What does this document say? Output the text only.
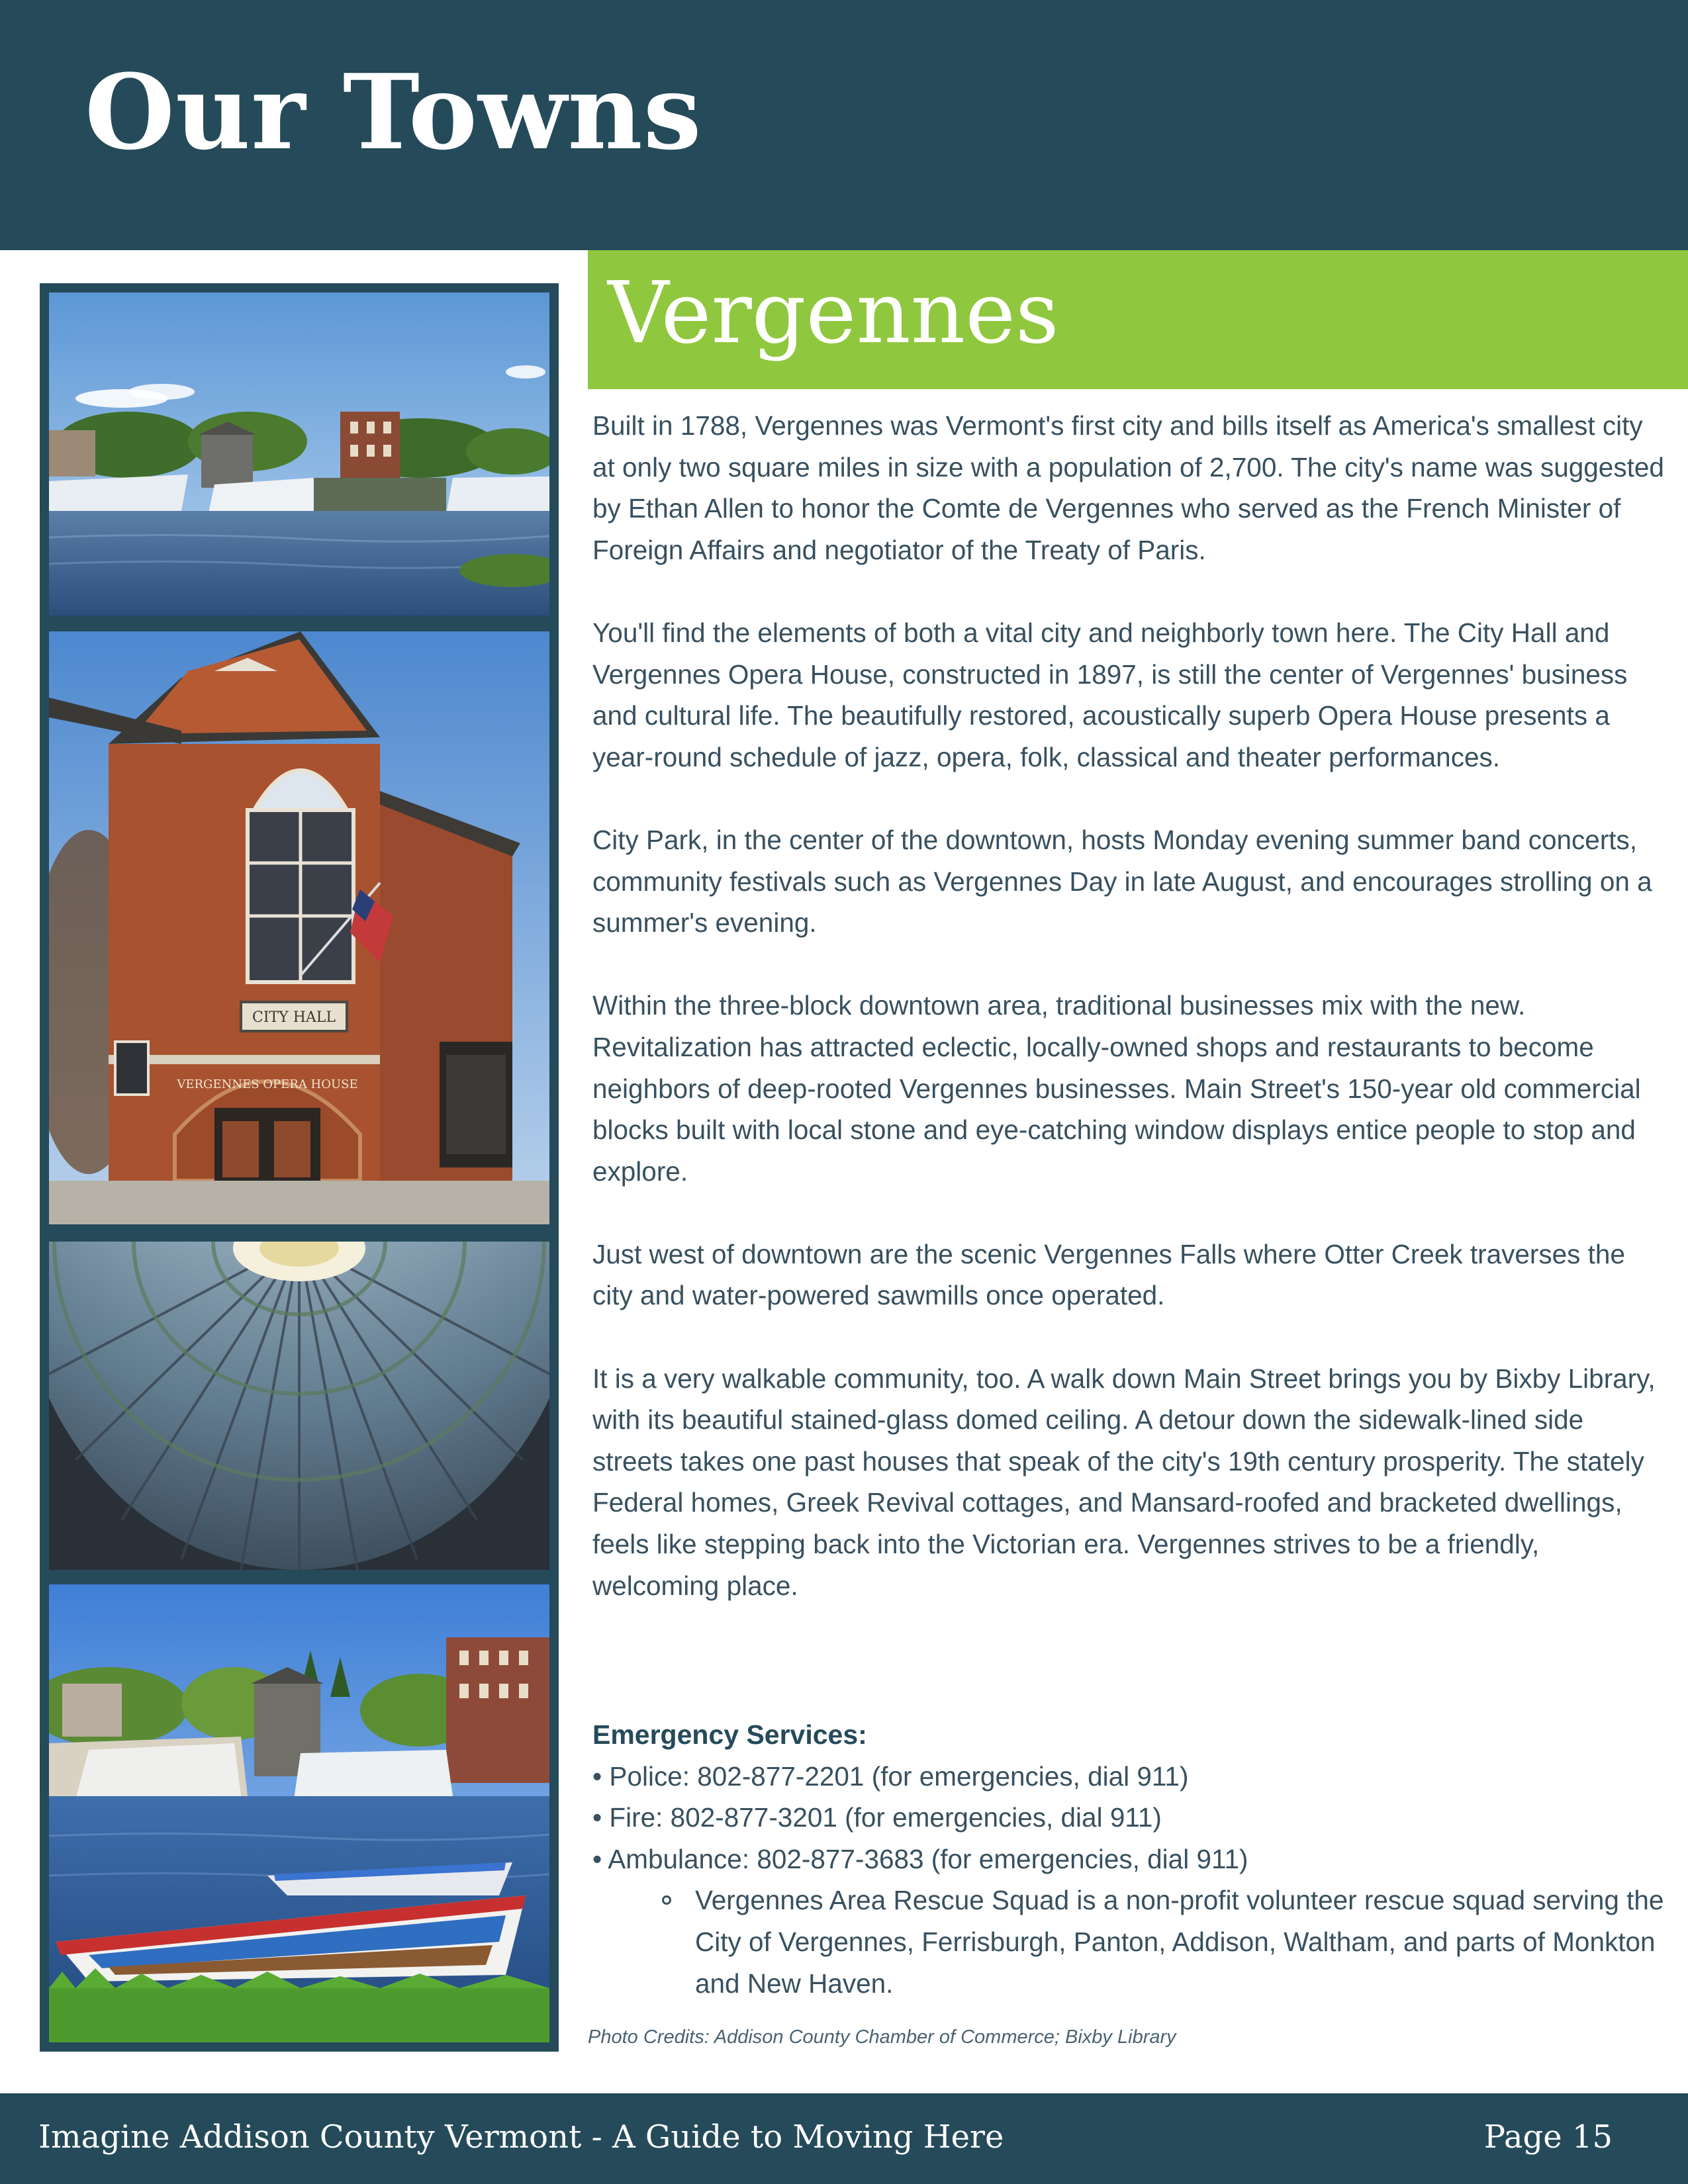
Our Towns
CITY HALL
VERGENNES OPERA HOUSE
Vergennes

Built in 1788, Vergennes was Vermont's first city and bills itself as America's smallest city at only two square miles in size with a population of 2,700. The city's name was suggested by Ethan Allen to honor the Comte de Vergennes who served as the French Minister of Foreign Affairs and negotiator of the Treaty of Paris.

You'll find the elements of both a vital city and neighborly town here. The City Hall and Vergennes Opera House, constructed in 1897, is still the center of Vergennes' business and cultural life. The beautifully restored, acoustically superb Opera House presents a year-round schedule of jazz, opera, folk, classical and theater performances.

City Park, in the center of the downtown, hosts Monday evening summer band concerts, community festivals such as Vergennes Day in late August, and encourages strolling on a summer's evening.

Within the three-block downtown area, traditional businesses mix with the new. Revitalization has attracted eclectic, locally-owned shops and restaurants to become neighbors of deep-rooted Vergennes businesses. Main Street's 150-year old commercial blocks built with local stone and eye-catching window displays entice people to stop and explore.

Just west of downtown are the scenic Vergennes Falls where Otter Creek traverses the city and water-powered sawmills once operated.

It is a very walkable community, too. A walk down Main Street brings you by Bixby Library, with its beautiful stained-glass domed ceiling. A detour down the sidewalk-lined side streets takes one past houses that speak of the city's 19th century prosperity. The stately Federal homes, Greek Revival cottages, and Mansard-roofed and bracketed dwellings, feels like stepping back into the Victorian era. Vergennes strives to be a friendly, welcoming place.

Emergency Services:

• Police: 802-877-2201 (for emergencies, dial 911)

• Fire: 802-877-3201 (for emergencies, dial 911)

• Ambulance: 802-877-3683 (for emergencies, dial 911)

Vergennes Area Rescue Squad is a non-profit volunteer rescue squad serving the City of Vergennes, Ferrisburgh, Panton, Addison, Waltham, and parts of Monkton and New Haven.

Photo Credits: Addison County Chamber of Commerce; Bixby Library
Imagine Addison County Vermont - A Guide to Moving Here	Page 15
